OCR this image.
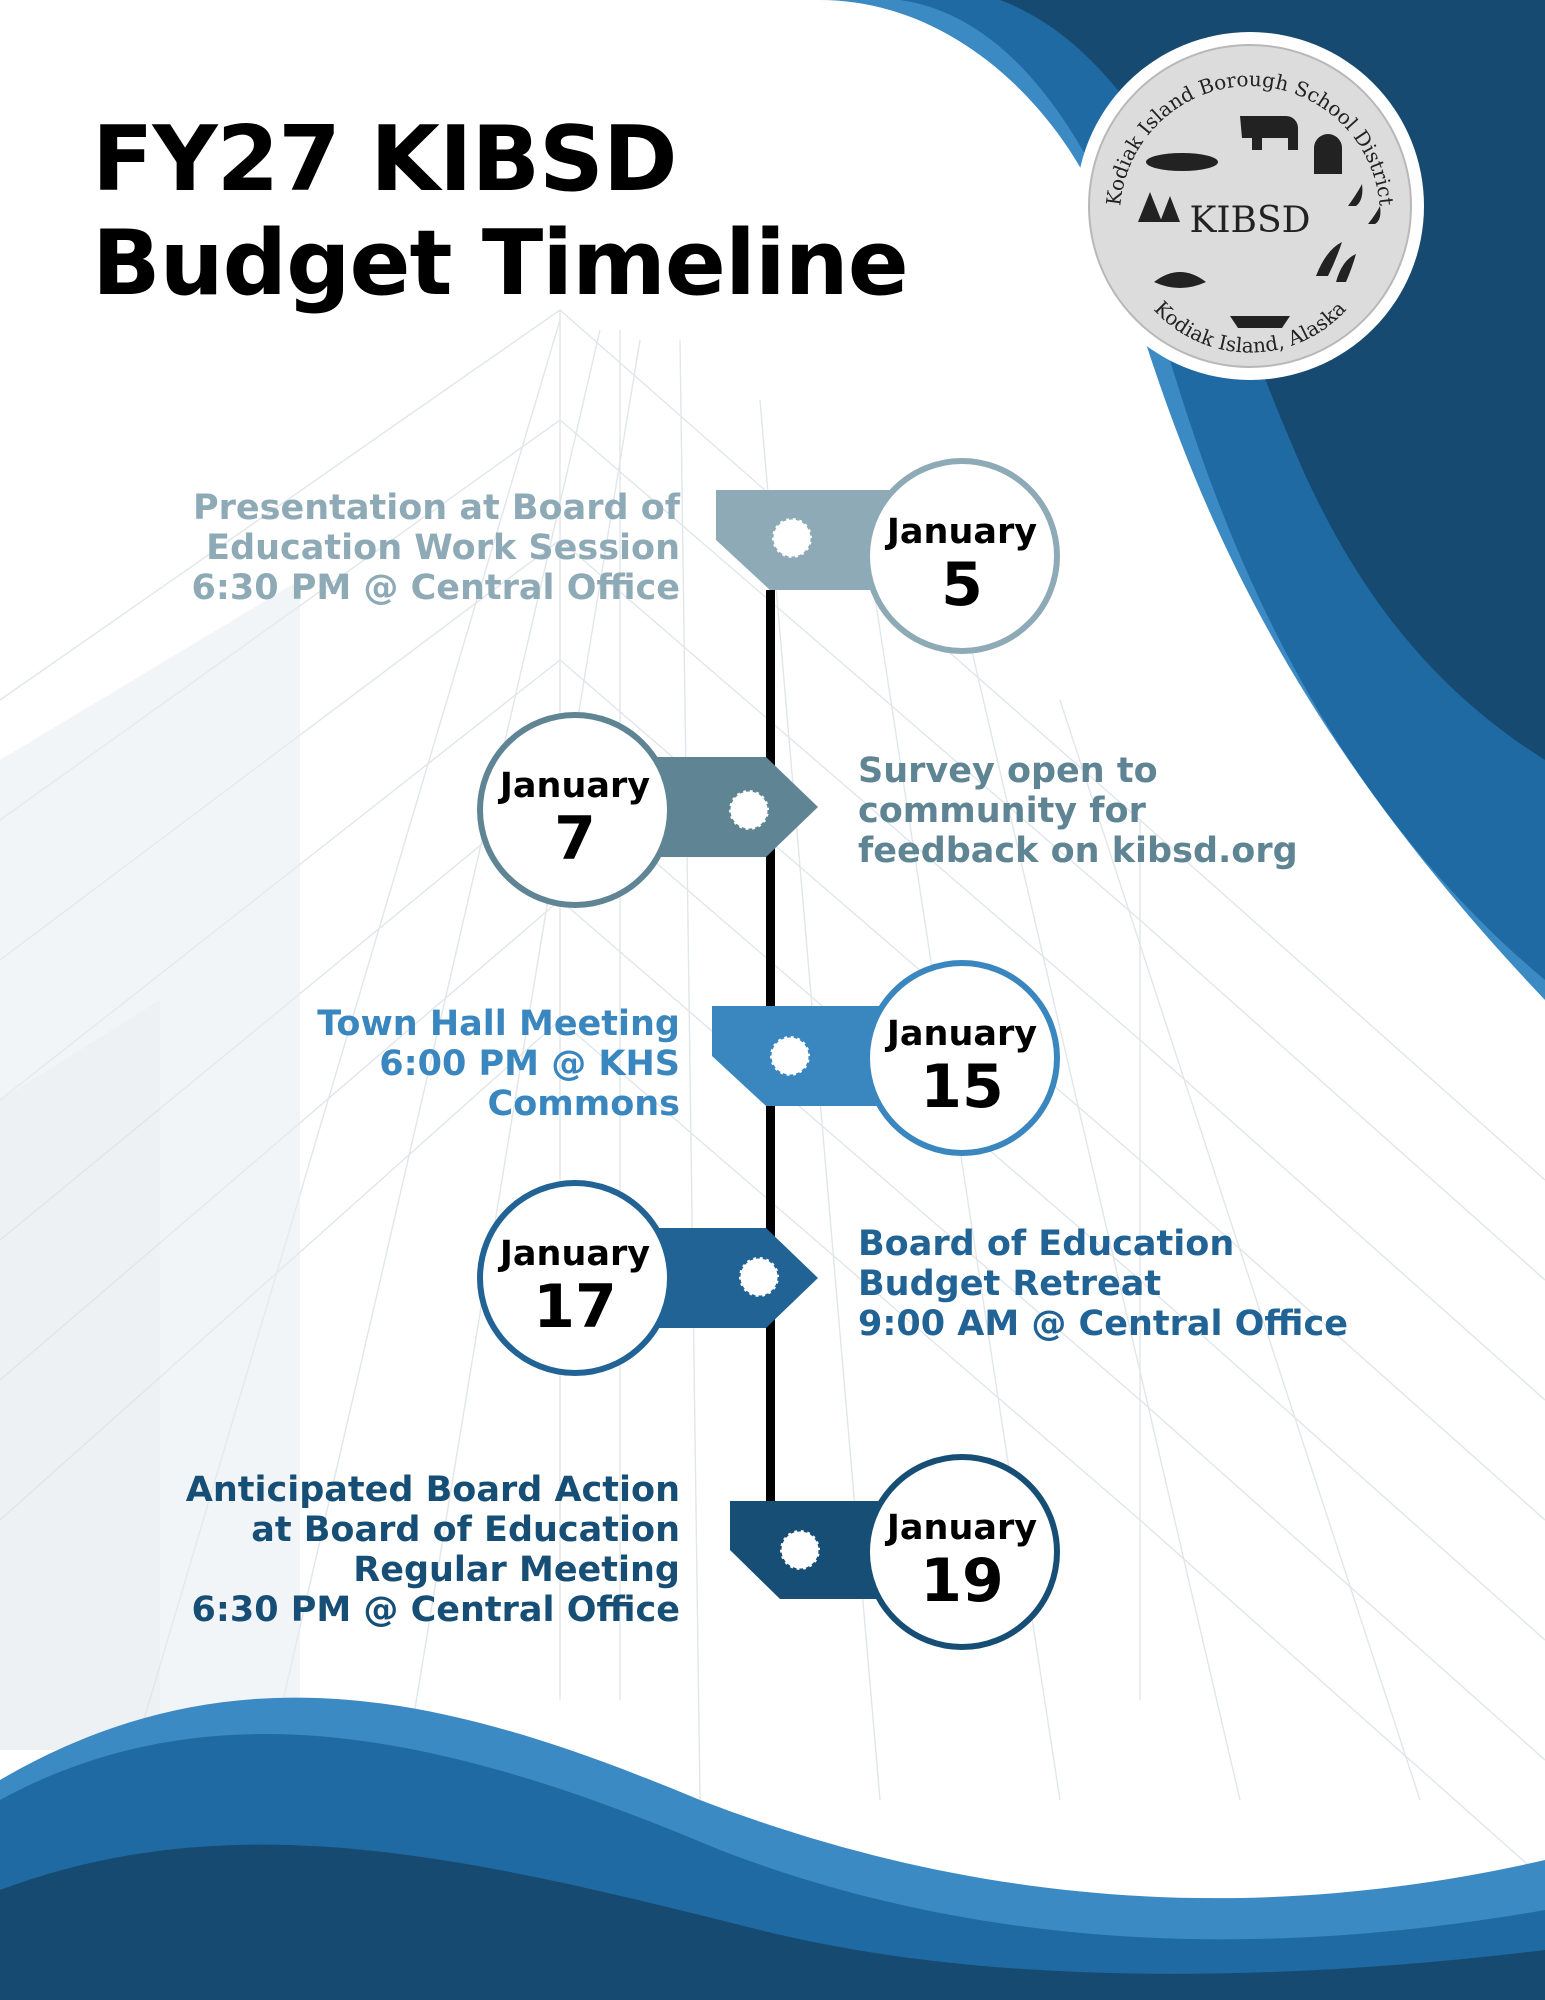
FY27 KIBSD
Budget Timeline
Kodiak Island Borough School District
Kodiak Island, Alaska
KIBSD
January
5
January
7
January
15
January
17
January
19
Presentation at Board of
Education Work Session
6:30 PM @ Central Office
Survey open to
community for
feedback on kibsd.org
Town Hall Meeting
6:00 PM @ KHS
Commons
Board of Education
Budget Retreat
9:00 AM @ Central Office
Anticipated Board Action
at Board of Education
Regular Meeting
6:30 PM @ Central Office
